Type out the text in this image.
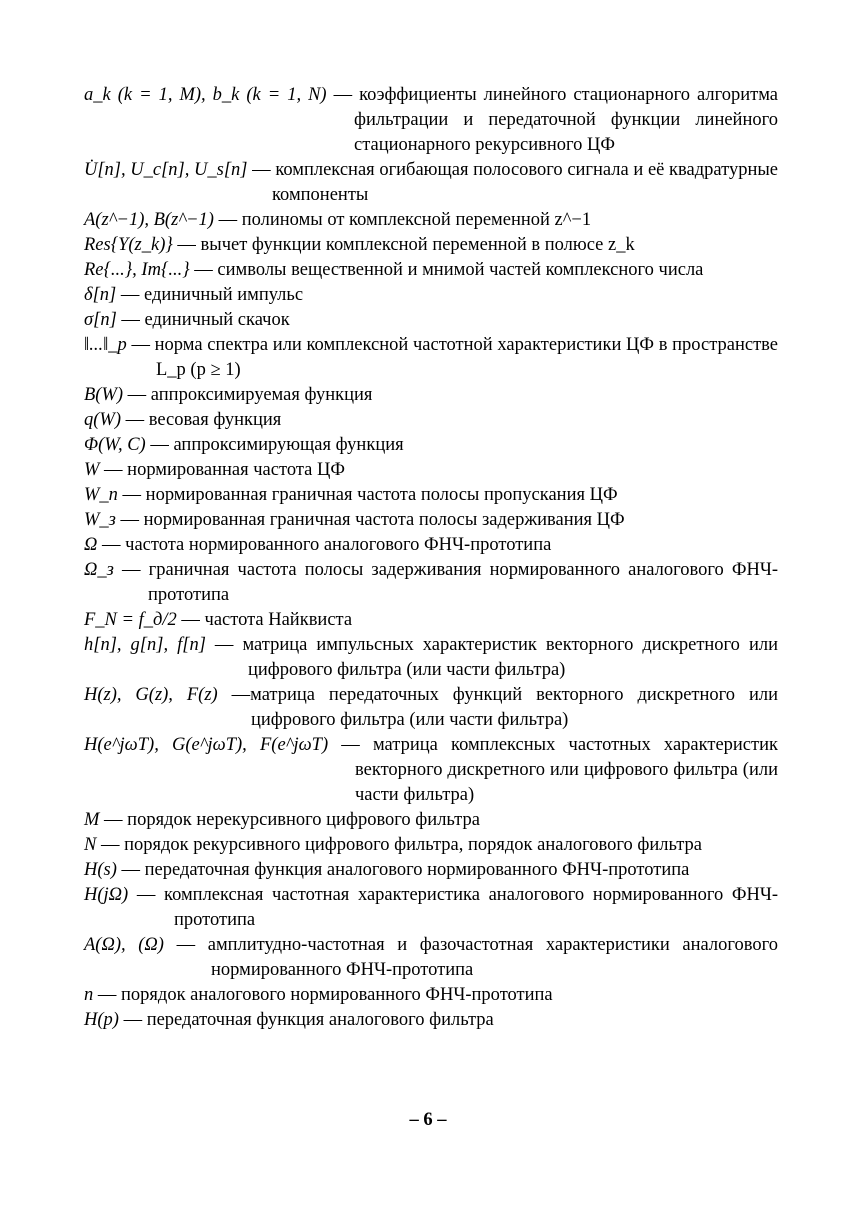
a_k (k = 1, M), b_k (k = 1, N) — коэффициенты линейного стационарного алгоритма фильтрации и передаточной функции линейного стационарного рекурсивного ЦФ

U̇[n], U_c[n], U_s[n] — комплексная огибающая полосового сигнала и её квадратурные компоненты

A(z^−1), B(z^−1) — полиномы от комплексной переменной z^−1

Res{Y(z_k)} — вычет функции комплексной переменной в полюсе z_k

Re{...}, Im{...} — символы вещественной и мнимой частей комплексного числа

δ[n] — единичный импульс

σ[n] — единичный скачок

‖...‖_p — норма спектра или комплексной частотной характеристики ЦФ в пространстве L_p (p ≥ 1)

B(W) — аппроксимируемая функция

q(W) — весовая функция

Φ(W, C) — аппроксимирующая функция

W — нормированная частота ЦФ

W_п — нормированная граничная частота полосы пропускания ЦФ

W_з — нормированная граничная частота полосы задерживания ЦФ

Ω — частота нормированного аналогового ФНЧ-прототипа

Ω_з — граничная частота полосы задерживания нормированного аналогового ФНЧ-прототипа

F_N = f_д/2 — частота Найквиста

h[n], g[n], f[n] — матрица импульсных характеристик векторного дискретного или цифрового фильтра (или части фильтра)

H(z), G(z), F(z) —матрица передаточных функций векторного дискретного или цифрового фильтра (или части фильтра)

H(e^jωT), G(e^jωT), F(e^jωT) — матрица комплексных частотных характеристик векторного дискретного или цифрового фильтра (или части фильтра)

M — порядок нерекурсивного цифрового фильтра

N — порядок рекурсивного цифрового фильтра, порядок аналогового фильтра

H(s) — передаточная функция аналогового нормированного ФНЧ-прототипа

H(jΩ) — комплексная частотная характеристика аналогового нормированного ФНЧ-прототипа

A(Ω), (Ω) — амплитудно-частотная и фазочастотная характеристики аналогового нормированного ФНЧ-прототипа

n — порядок аналогового нормированного ФНЧ-прототипа

H(p) — передаточная функция аналогового фильтра

– 6 –
